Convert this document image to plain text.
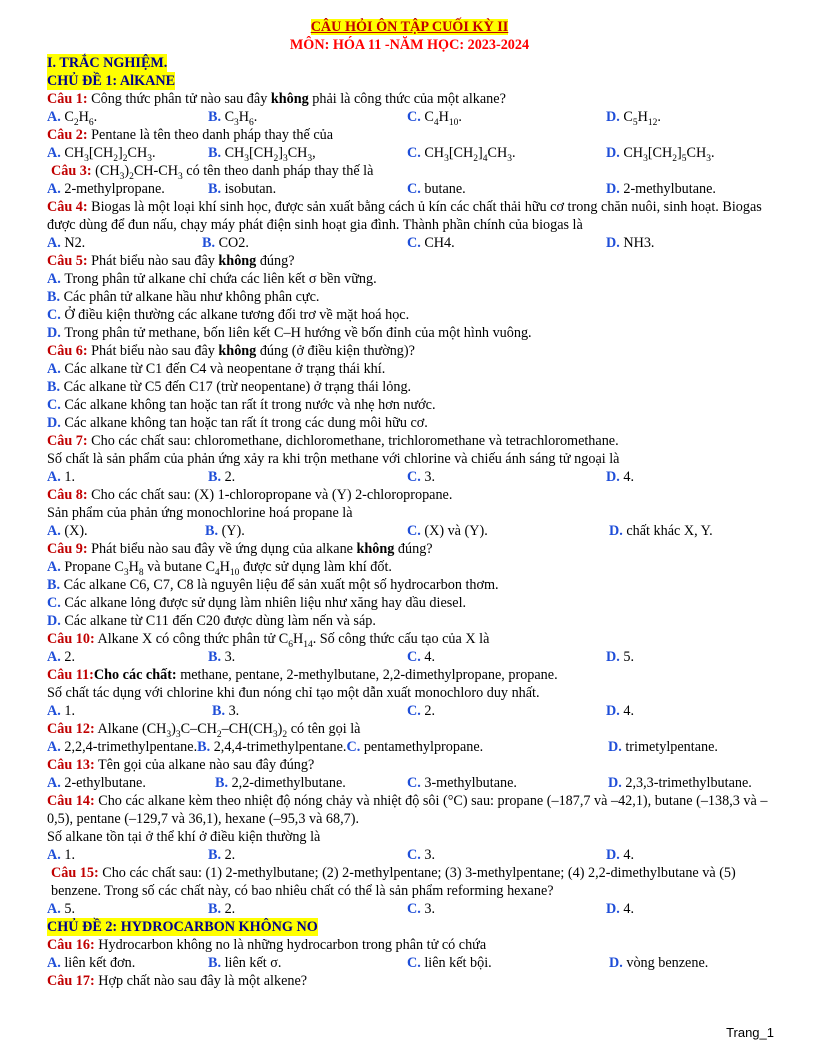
CÂU HỎI ÔN TẬP CUỐI KỲ II
MÔN: HÓA 11 -NĂM HỌC: 2023-2024
I. TRẮC NGHIỆM.
CHỦ ĐỀ 1: AlKANE
Câu 1: Công thức phân tử nào sau đây không phải là công thức của một alkane?
A. $C_2H_6$.	B. $C_3H_6$.	C. $C_4H_{10}$.	D. $C_5H_{12}$.
Câu 2: Pentane là tên theo danh pháp thay thế của
A. $CH_3[CH_2]_2CH_3$.	B. $CH_3[CH_2]_3CH_3$,	C. $CH_3[CH_2]_4CH_3$.	D. $CH_3[CH_2]_5CH_3$.
Câu 3: $(CH_3)_2CH-CH_3$ có tên theo danh pháp thay thế là
A. 2-methylpropane.	B. isobutan.	C. butane.	D. 2-methylbutane.
Câu 4: Biogas là một loại khí sinh học, được sản xuất bằng cách ủ kín các chất thải hữu cơ trong chăn nuôi, sinh hoạt. Biogas được dùng để đun nấu, chạy máy phát điện sinh hoạt gia đình. Thành phần chính của biogas là
A. N2.	B. CO2.	C. CH4.	D. NH3.
Câu 5: Phát biểu nào sau đây không đúng?
A. Trong phân tử alkane chỉ chứa các liên kết σ bền vững.
B. Các phân tử alkane hầu như không phân cực.
C. Ở điều kiện thường các alkane tương đối trơ về mặt hoá học.
D. Trong phân tử methane, bốn liên kết C–H hướng về bốn đỉnh của một hình vuông.
Câu 6: Phát biểu nào sau đây không đúng (ở điều kiện thường)?
A. Các alkane từ C1 đến C4 và neopentane ở trạng thái khí.
B. Các alkane từ C5 đến C17 (trừ neopentane) ở trạng thái lỏng.
C. Các alkane không tan hoặc tan rất ít trong nước và nhẹ hơn nước.
D. Các alkane không tan hoặc tan rất ít trong các dung môi hữu cơ.
Câu 7: Cho các chất sau: chloromethane, dichloromethane, trichloromethane và tetrachloromethane.
Số chất là sản phẩm của phản ứng xảy ra khi trộn methane với chlorine và chiếu ánh sáng tử ngoại là
A. 1.	B. 2.	C. 3.	D. 4.
Câu 8: Cho các chất sau: (X) 1-chloropropane và (Y) 2-chloropropane.
Sản phẩm của phản ứng monochlorine hoá propane là
A. (X).	B. (Y).	C. (X) và (Y).	D. chất khác X, Y.
Câu 9: Phát biểu nào sau đây về ứng dụng của alkane không đúng?
A. Propane $C_3H_8$ và butane $C_4H_{10}$ được sử dụng làm khí đốt.
B. Các alkane C6, C7, C8 là nguyên liệu để sản xuất một số hydrocarbon thơm.
C. Các alkane lỏng được sử dụng làm nhiên liệu như xăng hay dầu diesel.
D. Các alkane từ C11 đến C20 được dùng làm nến và sáp.
Câu 10: Alkane X có công thức phân tử $C_6H_{14}$. Số công thức cấu tạo của X là
A. 2.	B. 3.	C. 4.	D. 5.
Câu 11:Cho các chất: methane, pentane, 2-methylbutane, 2,2-dimethylpropane, propane.
Số chất tác dụng với chlorine khi đun nóng chỉ tạo một dẫn xuất monochloro duy nhất.
A. 1.	B. 3.	C. 2.	D. 4.
Câu 12: Alkane $(CH_3)_3C-CH_2-CH(CH_3)_2$ có tên gọi là
A. 2,2,4-trimethylpentane.B. 2,4,4-trimethylpentane.C. pentamethylpropane.	D. trimetylpentane.
Câu 13: Tên gọi của alkane nào sau đây đúng?
A. 2-ethylbutane.	B. 2,2-dimethylbutane.	C. 3-methylbutane.	D. 2,3,3-trimethylbutane.
Câu 14: Cho các alkane kèm theo nhiệt độ nóng chảy và nhiệt độ sôi (°C) sau: propane (–187,7 và –42,1), butane (–138,3 và –0,5), pentane (–129,7 và 36,1), hexane (–95,3 và 68,7).
Số alkane tồn tại ở thể khí ở điều kiện thường là
A. 1.	B. 2.	C. 3.	D. 4.
Câu 15: Cho các chất sau: (1) 2-methylbutane; (2) 2-methylpentane; (3) 3-methylpentane; (4) 2,2-dimethylbutane và (5) benzene. Trong số các chất này, có bao nhiêu chất có thể là sản phẩm reforming hexane?
A. 5.	B. 2.	C. 3.	D. 4.
CHỦ ĐỀ 2: HYDROCARBON KHÔNG NO
Câu 16: Hydrocarbon không no là những hydrocarbon trong phân tử có chứa
A. liên kết đơn.	B. liên kết σ.	C. liên kết bội.	D. vòng benzene.
Câu 17: Hợp chất nào sau đây là một alkene?
Trang_1
